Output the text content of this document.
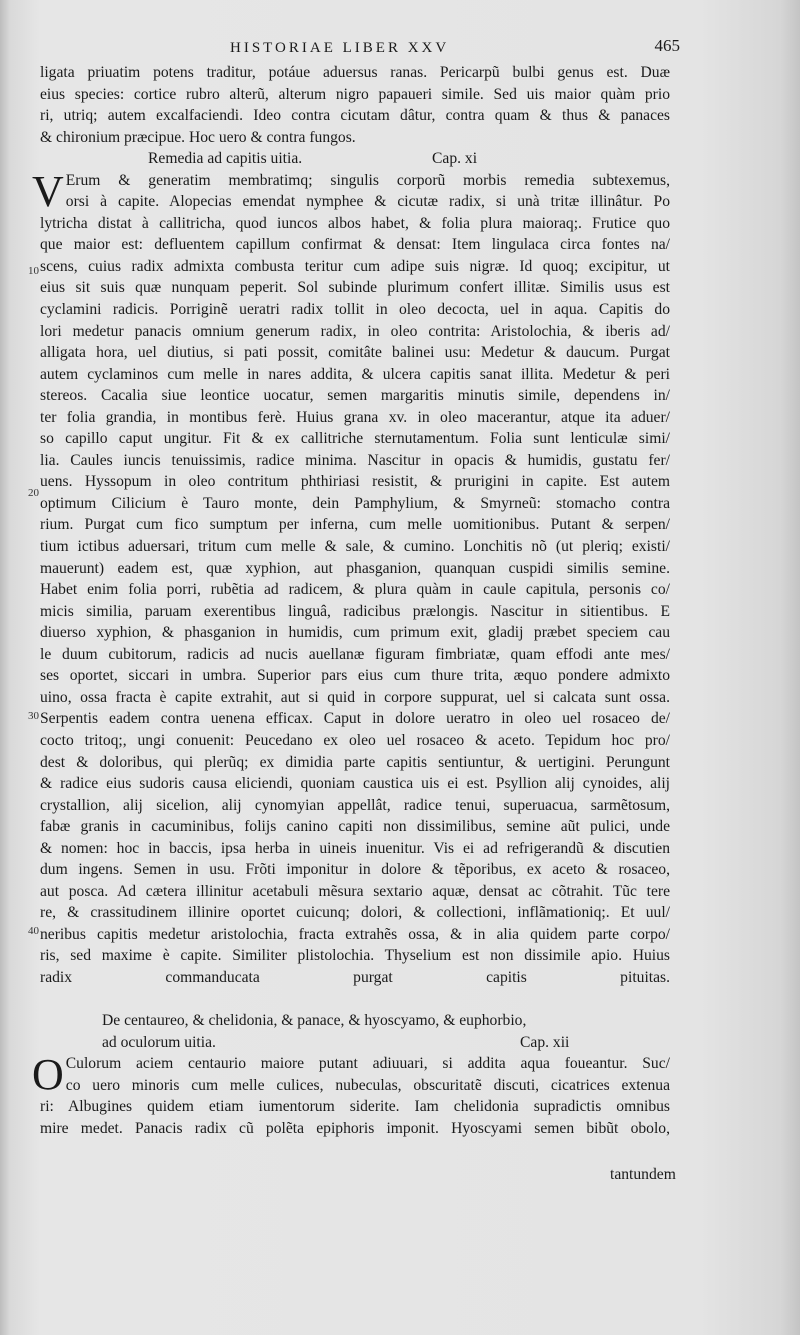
HISTORIAE LIBER XXV	465
10
20
30
40
ligata priuatim potens traditur, potáue aduersus ranas. Pericarpũ bulbi genus est. Duæ
eius species: cortice rubro alterũ, alterum nigro papaueri simile. Sed uis maior quàm prio
ri, utriq; autem excalfaciendi. Ideo contra cicutam dâtur, contra quam & thus & panaces
& chironium præcipue. Hoc uero & contra fungos.
Remedia ad capitis uitia.	Cap. xi
V Erum & generatim membratimq; singulis corporũ morbis remedia subtexemus,
orsi à capite. Alopecias emendat nymphee & cicutæ radix, si unà tritæ illinâtur. Po
lytricha distat à callitricha, quod iuncos albos habet, & folia plura maioraq;. Frutice quo
que maior est: defluentem capillum confirmat & densat: Item lingulaca circa fontes na/
scens, cuius radix admixta combusta teritur cum adipe suis nigræ. Id quoq; excipitur, ut
eius sit suis quæ nunquam peperit. Sol subinde plurimum confert illitæ. Similis usus est
cyclamini radicis. Porriginẽ ueratri radix tollit in oleo decocta, uel in aqua. Capitis do
lori medetur panacis omnium generum radix, in oleo contrita: Aristolochia, & iberis ad/
alligata hora, uel diutius, si pati possit, comitâte balinei usu: Medetur & daucum. Purgat
autem cyclaminos cum melle in nares addita, & ulcera capitis sanat illita. Medetur & peri
stereos. Cacalia siue leontice uocatur, semen margaritis minutis simile, dependens in/
ter folia grandia, in montibus ferè. Huius grana xv. in oleo macerantur, atque ita aduer/
so capillo caput ungitur. Fit & ex callitriche sternutamentum. Folia sunt lenticulæ simi/
lia. Caules iuncis tenuissimis, radice minima. Nascitur in opacis & humidis, gustatu fer/
uens. Hyssopum in oleo contritum phthiriasi resistit, & prurigini in capite. Est autem
optimum Cilicium è Tauro monte, dein Pamphylium, & Smyrneũ: stomacho contra
rium. Purgat cum fico sumptum per inferna, cum melle uomitionibus. Putant & serpen/
tium ictibus aduersari, tritum cum melle & sale, & cumino. Lonchitis nõ (ut pleriq; existi/
mauerunt) eadem est, quæ xyphion, aut phasganion, quanquan cuspidi similis semine.
Habet enim folia porri, rubẽtia ad radicem, & plura quàm in caule capitula, personis co/
micis similia, paruam exerentibus linguâ, radicibus prælongis. Nascitur in sitientibus. E
diuerso xyphion, & phasganion in humidis, cum primum exit, gladij præbet speciem cau
le duum cubitorum, radicis ad nucis auellanæ figuram fimbriatæ, quam effodi ante mes/
ses oportet, siccari in umbra. Superior pars eius cum thure trita, æquo pondere admixto
uino, ossa fracta è capite extrahit, aut si quid in corpore suppurat, uel si calcata sunt ossa.
Serpentis eadem contra uenena efficax. Caput in dolore ueratro in oleo uel rosaceo de/
cocto tritoq;, ungi conuenit: Peucedano ex oleo uel rosaceo & aceto. Tepidum hoc pro/
dest & doloribus, qui plerũq; ex dimidia parte capitis sentiuntur, & uertigini. Perungunt
& radice eius sudoris causa eliciendi, quoniam caustica uis ei est. Psyllion alij cynoides, alij
crystallion, alij sicelion, alij cynomyian appellât, radice tenui, superuacua, sarmẽtosum,
fabæ granis in cacuminibus, folijs canino capiti non dissimilibus, semine aũt pulici, unde
& nomen: hoc in baccis, ipsa herba in uineis inuenitur. Vis ei ad refrigerandũ & discutien
dum ingens. Semen in usu. Frõti imponitur in dolore & tẽporibus, ex aceto & rosaceo,
aut posca. Ad cætera illinitur acetabuli mẽsura sextario aquæ, densat ac cõtrahit. Tũc tere
re, & crassitudinem illinire oportet cuicunq; dolori, & collectioni, inflãmationiq;. Et uul/
neribus capitis medetur aristolochia, fracta extrahẽs ossa, & in alia quidem parte corpo/
ris, sed maxime è capite. Similiter plistolochia. Thyselium est non dissimile apio. Huius
radix commanducata purgat capitis pituitas.
De centaureo, & chelidonia, & panace, & hyoscyamo, & euphorbio,
ad oculorum uitia.	Cap. xii
O Culorum aciem centaurio maiore putant adiuuari, si addita aqua foueantur. Suc/
co uero minoris cum melle culices, nubeculas, obscuritatẽ discuti, cicatrices extenua
ri: Albugines quidem etiam iumentorum siderite. Iam chelidonia supradictis omnibus
mire medet. Panacis radix cũ polẽta epiphoris imponit. Hyoscyami semen bibũt obolo,
tantundem
